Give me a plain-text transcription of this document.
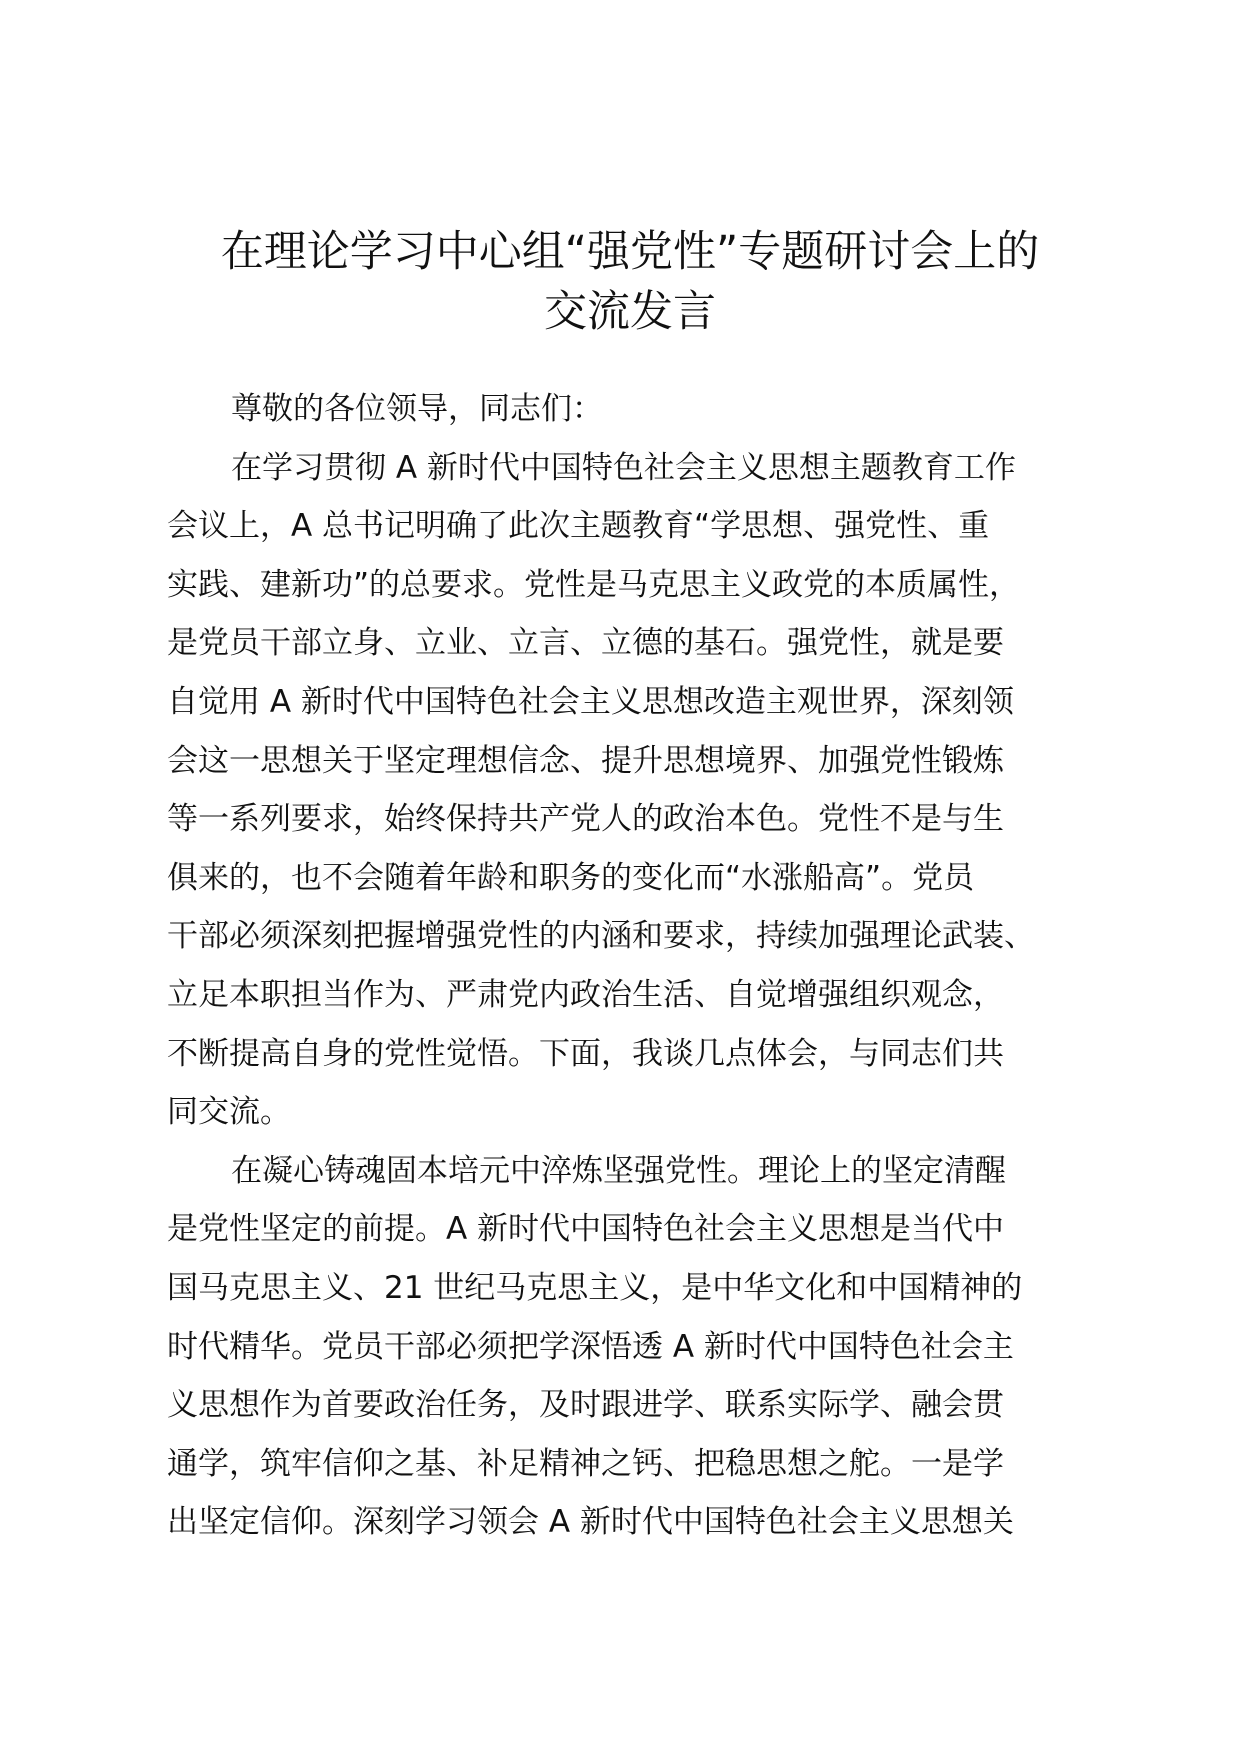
在理论学习中心组“强党性”专题研讨会上的
交流发言

尊敬的各位领导，同志们：

在学习贯彻 A 新时代中国特色社会主义思想主题教育工作
会议上，A 总书记明确了此次主题教育“学思想、强党性、重
实践、建新功”的总要求。党性是马克思主义政党的本质属性，
是党员干部立身、立业、立言、立德的基石。强党性，就是要
自觉用 A 新时代中国特色社会主义思想改造主观世界，深刻领
会这一思想关于坚定理想信念、提升思想境界、加强党性锻炼
等一系列要求，始终保持共产党人的政治本色。党性不是与生
俱来的，也不会随着年龄和职务的变化而“水涨船高”。党员
干部必须深刻把握增强党性的内涵和要求，持续加强理论武装、
立足本职担当作为、严肃党内政治生活、自觉增强组织观念，
不断提高自身的党性觉悟。下面，我谈几点体会，与同志们共
同交流。

在凝心铸魂固本培元中淬炼坚强党性。理论上的坚定清醒
是党性坚定的前提。A 新时代中国特色社会主义思想是当代中
国马克思主义、21 世纪马克思主义，是中华文化和中国精神的
时代精华。党员干部必须把学深悟透 A 新时代中国特色社会主
义思想作为首要政治任务，及时跟进学、联系实际学、融会贯
通学，筑牢信仰之基、补足精神之钙、把稳思想之舵。一是学
出坚定信仰。深刻学习领会 A 新时代中国特色社会主义思想关
